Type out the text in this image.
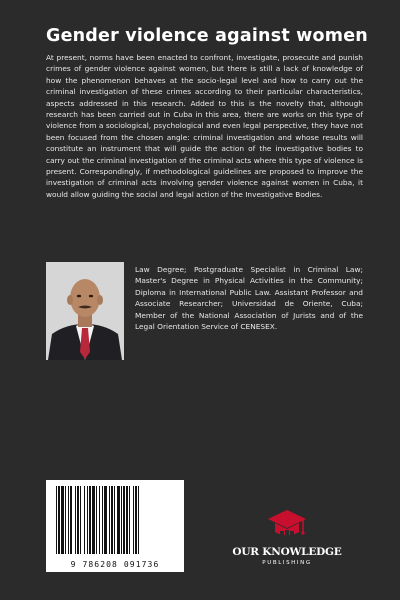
Gender violence against women
At present, norms have been enacted to confront, investigate, prosecute and punish crimes of gender violence against women, but there is still a lack of knowledge of how the phenomenon behaves at the socio-legal level and how to carry out the criminal investigation of these crimes according to their particular characteristics, aspects addressed in this research. Added to this is the novelty that, although research has been carried out in Cuba in this area, there are works on this type of violence from a sociological, psychological and even legal perspective, they have not been focused from the chosen angle: criminal investigation and whose results will constitute an instrument that will guide the action of the investigative bodies to carry out the criminal investigation of the criminal acts where this type of violence is present. Correspondingly, if methodological guidelines are proposed to improve the investigation of criminal acts involving gender violence against women in Cuba, it would allow guiding the social and legal action of the Investigative Bodies.
Law Degree; Postgraduate Specialist in Criminal Law; Master's Degree in Physical Activities in the Community; Diploma in International Public Law. Assistant Professor and Associate Researcher; Universidad de Oriente, Cuba; Member of the National Association of Jurists and of the Legal Orientation Service of CENESEX.
9 786208 091736
OUR KNOWLEDGE
PUBLISHING
